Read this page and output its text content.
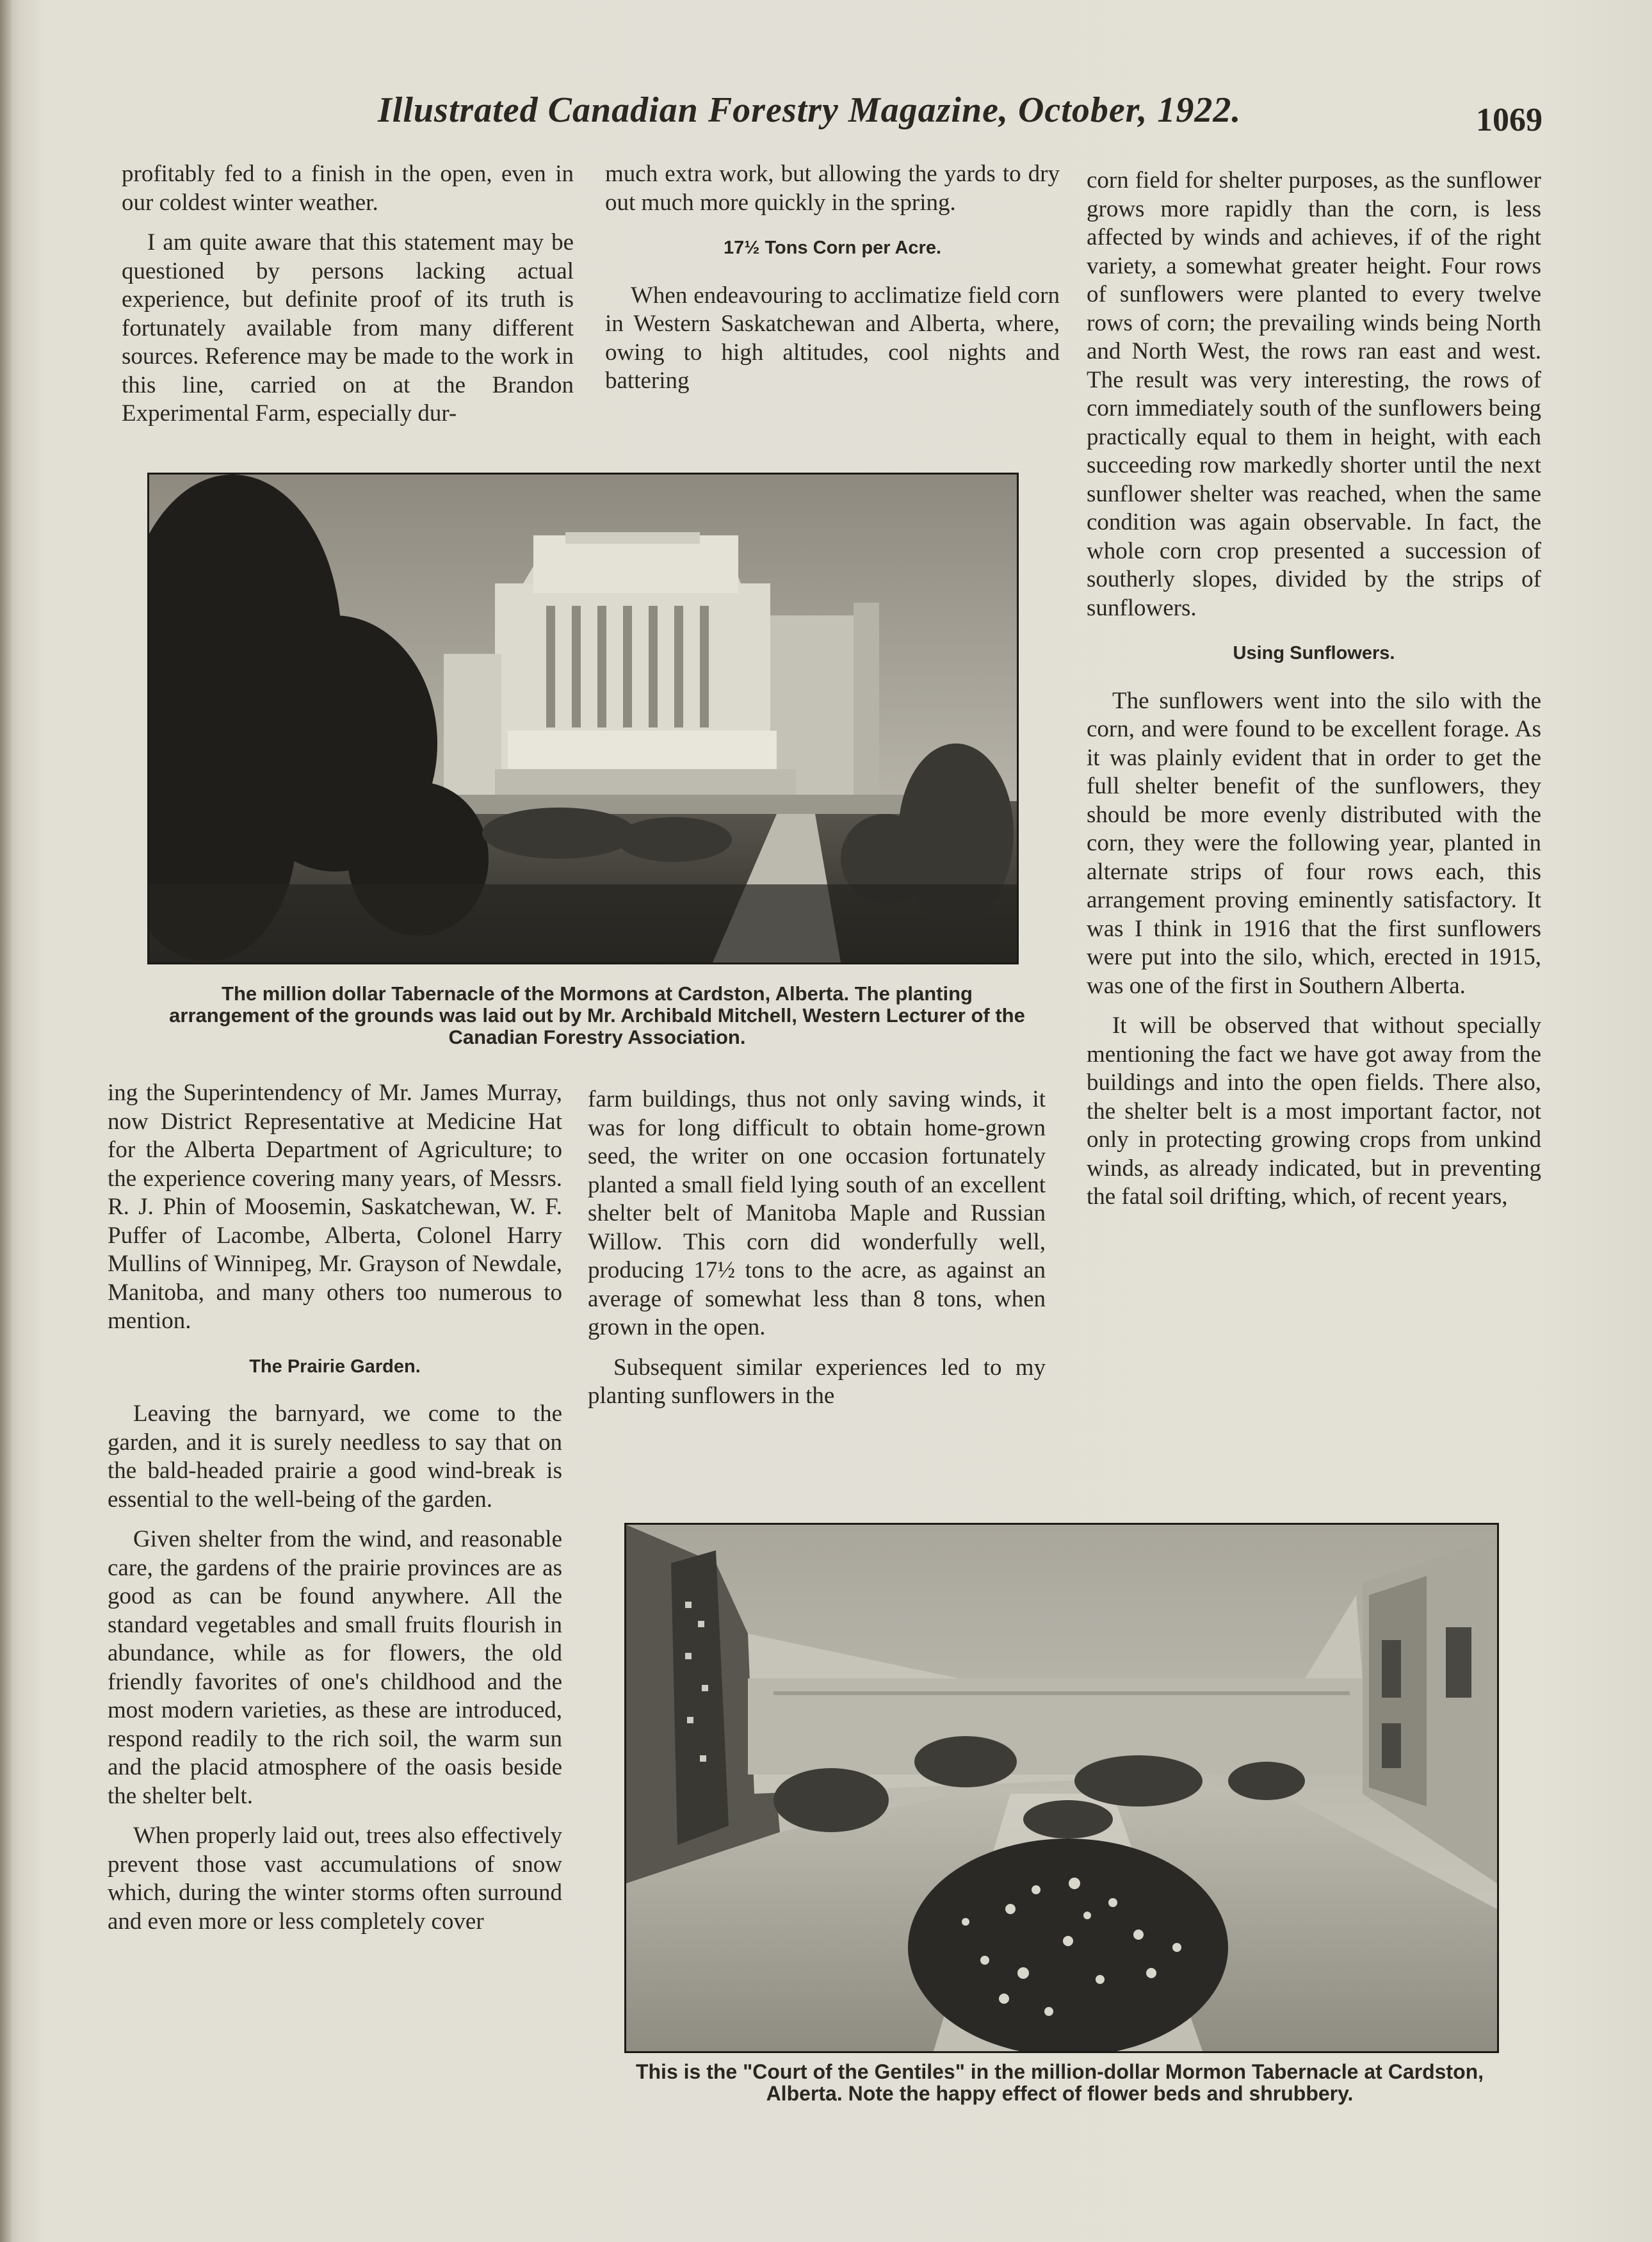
Illustrated Canadian Forestry Magazine, October, 1922.	1069

profitably fed to a finish in the open, even in our coldest winter weather.

I am quite aware that this statement may be questioned by persons lacking actual experience, but definite proof of its truth is fortunately available from many different sources. Reference may be made to the work in this line, carried on at the Brandon Experimental Farm, especially dur-

much extra work, but allowing the yards to dry out much more quickly in the spring.

17½ Tons Corn per Acre.

When endeavouring to acclimatize field corn in Western Saskatchewan and Alberta, where, owing to high altitudes, cool nights and battering

corn field for shelter purposes, as the sunflower grows more rapidly than the corn, is less affected by winds and achieves, if of the right variety, a somewhat greater height. Four rows of sunflowers were planted to every twelve rows of corn; the prevailing winds being North and North West, the rows ran east and west. The result was very interesting, the rows of corn immediately south of the sunflowers being practically equal to them in height, with each succeeding row markedly shorter until the next sunflower shelter was reached, when the same condition was again observable. In fact, the whole corn crop presented a succession of southerly slopes, divided by the strips of sunflowers.

Using Sunflowers.

The sunflowers went into the silo with the corn, and were found to be excellent forage. As it was plainly evident that in order to get the full shelter benefit of the sunflowers, they should be more evenly distributed with the corn, they were the following year, planted in alternate strips of four rows each, this arrangement proving eminently satisfactory. It was I think in 1916 that the first sunflowers were put into the silo, which, erected in 1915, was one of the first in Southern Alberta.

It will be observed that without specially mentioning the fact we have got away from the buildings and into the open fields. There also, the shelter belt is a most important factor, not only in protecting growing crops from unkind winds, as already indicated, but in preventing the fatal soil drifting, which, of recent years,

The million dollar Tabernacle of the Mormons at Cardston, Alberta. The planting arrangement of the grounds was laid out by Mr. Archibald Mitchell, Western Lecturer of the Canadian Forestry Association.

ing the Superintendency of Mr. James Murray, now District Representative at Medicine Hat for the Alberta Department of Agriculture; to the experience covering many years, of Messrs. R. J. Phin of Moosemin, Saskatchewan, W. F. Puffer of Lacombe, Alberta, Colonel Harry Mullins of Winnipeg, Mr. Grayson of Newdale, Manitoba, and many others too numerous to mention.

The Prairie Garden.

Leaving the barnyard, we come to the garden, and it is surely needless to say that on the bald-headed prairie a good wind-break is essential to the well-being of the garden.

Given shelter from the wind, and reasonable care, the gardens of the prairie provinces are as good as can be found anywhere. All the standard vegetables and small fruits flourish in abundance, while as for flowers, the old friendly favorites of one's childhood and the most modern varieties, as these are introduced, respond readily to the rich soil, the warm sun and the placid atmosphere of the oasis beside the shelter belt.

When properly laid out, trees also effectively prevent those vast accumulations of snow which, during the winter storms often surround and even more or less completely cover

farm buildings, thus not only saving winds, it was for long difficult to obtain home-grown seed, the writer on one occasion fortunately planted a small field lying south of an excellent shelter belt of Manitoba Maple and Russian Willow. This corn did wonderfully well, producing 17½ tons to the acre, as against an average of somewhat less than 8 tons, when grown in the open.

Subsequent similar experiences led to my planting sunflowers in the

This is the "Court of the Gentiles" in the million-dollar Mormon Tabernacle at Cardston, Alberta. Note the happy effect of flower beds and shrubbery.
